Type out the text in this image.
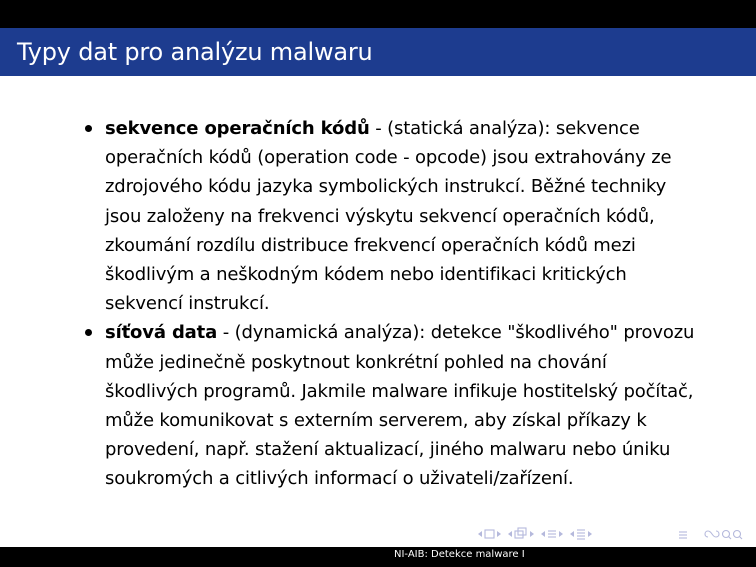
Typy dat pro analýzu malwaru
sekvence operačních kódů - (statická analýza): sekvence operačních kódů (operation code - opcode) jsou extrahovány ze zdrojového kódu jazyka symbolických instrukcí. Běžné techniky jsou založeny na frekvenci výskytu sekvencí operačních kódů, zkoumání rozdílu distribuce frekvencí operačních kódů mezi škodlivým a neškodným kódem nebo identifikaci kritických sekvencí instrukcí.
síťová data - (dynamická analýza): detekce "škodlivého" provozu může jedinečně poskytnout konkrétní pohled na chování škodlivých programů. Jakmile malware infikuje hostitelský počítač, může komunikovat s externím serverem, aby získal příkazy k provedení, např. stažení aktualizací, jiného malwaru nebo úniku soukromých a citlivých informací o uživateli/zařízení.
NI-AIB: Detekce malware I
